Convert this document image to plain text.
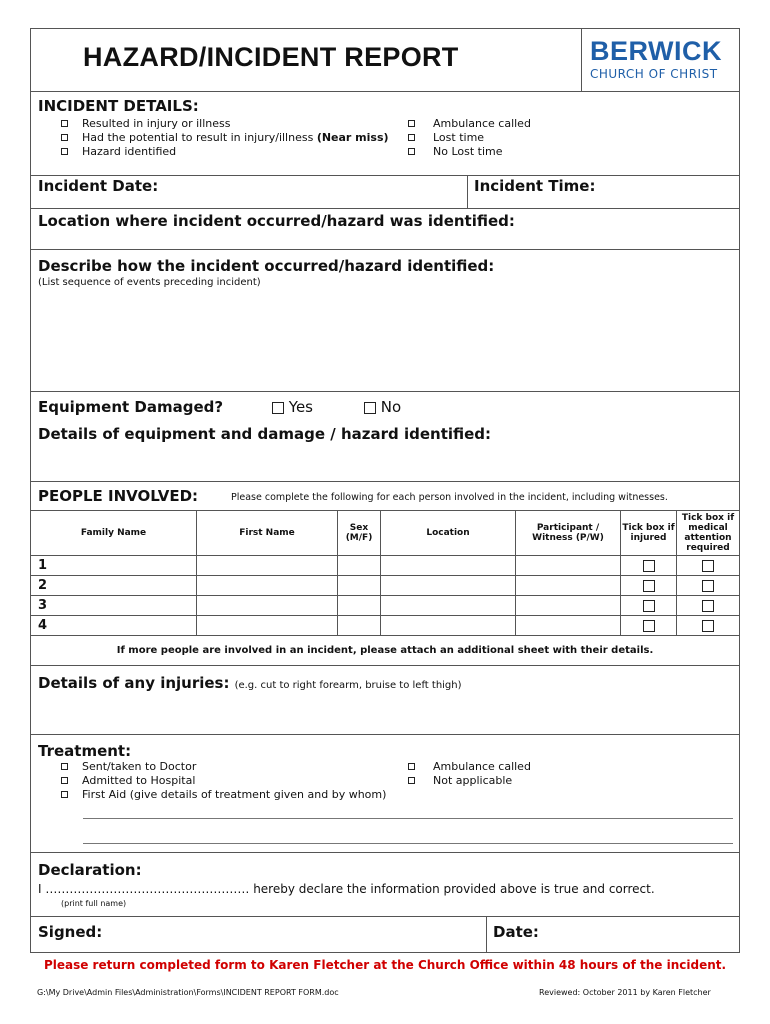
HAZARD/INCIDENT REPORT	BERWICK
CHURCH OF CHRIST
INCIDENT DETAILS:
Resulted in injury or illness
Had the potential to result in injury/illness (Near miss)
Hazard identified
Ambulance called
Lost time
No Lost time
Incident Date:	Incident Time:
Location where incident occurred/hazard was identified:
Describe how the incident occurred/hazard identified:
(List sequence of events preceding incident)
Equipment Damaged?	Yes	No
Details of equipment and damage / hazard identified:
PEOPLE INVOLVED:	Please complete the following for each person involved in the incident, including witnesses.
Family Name	First Name	Sex (M/F)	Location	Participant / Witness (P/W)	Tick box if injured	Tick box if medical attention required
1						
2						
3						
4						
If more people are involved in an incident, please attach an additional sheet with their details.
Details of any injuries: (e.g. cut to right forearm, bruise to left thigh)
Treatment:
Sent/taken to Doctor
Admitted to Hospital
First Aid (give details of treatment given and by whom)
Ambulance called
Not applicable
Declaration:
I …………………………………………… hereby declare the information provided above is true and correct.
(print full name)
Signed:	Date:
Please return completed form to Karen Fletcher at the Church Office within 48 hours of the incident.
G:\My Drive\Admin Files\Administration\Forms\INCIDENT REPORT FORM.doc	Reviewed: October 2011 by Karen Fletcher
